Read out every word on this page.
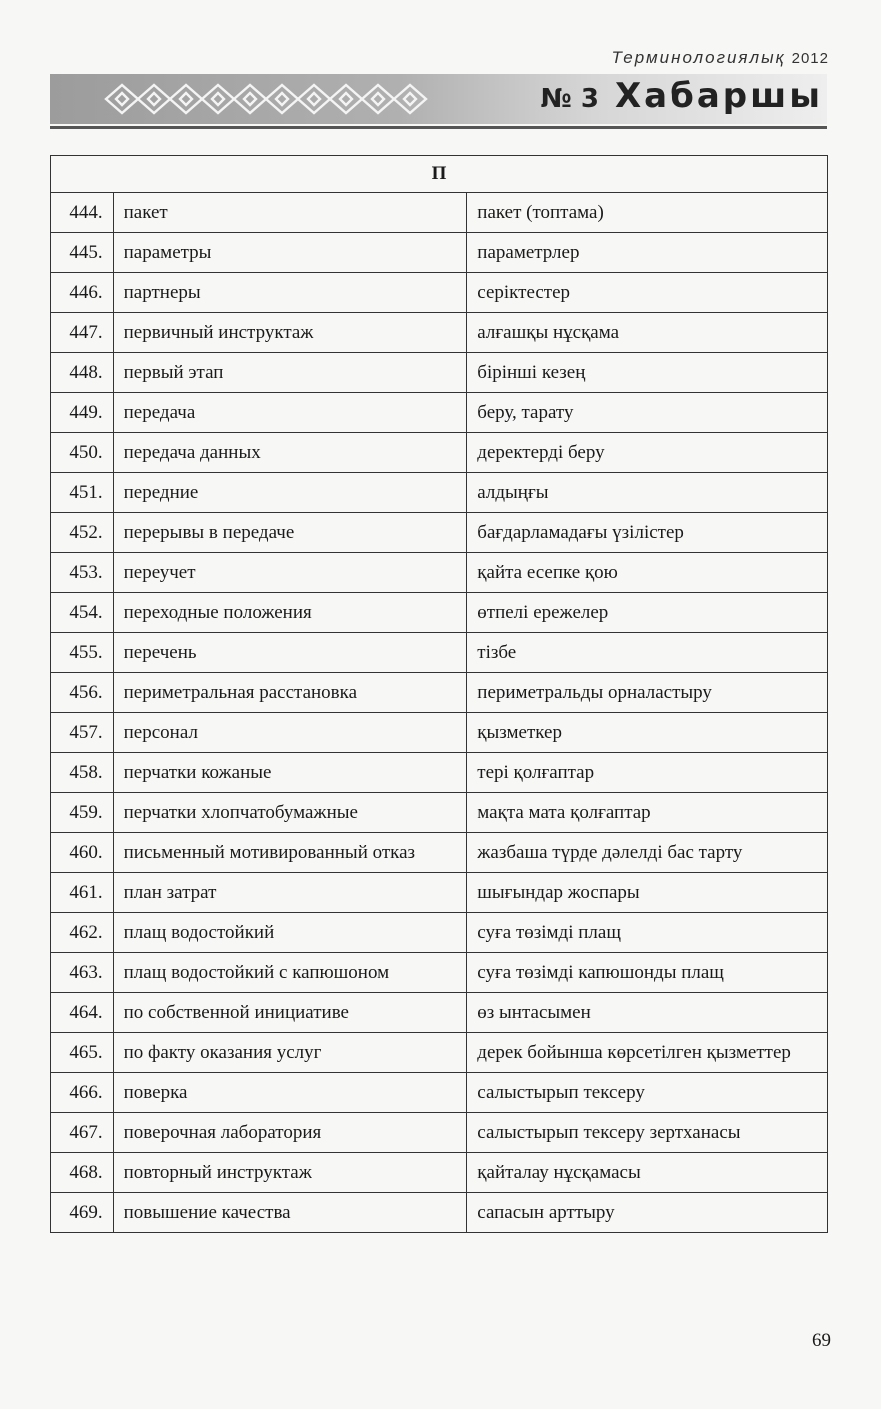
Терминологиялық 2012
№ 3 Хабаршы
П		
444.	пакет	пакет (топтама)
445.	параметры	параметрлер
446.	партнеры	серіктестер
447.	первичный инструктаж	алғашқы нұсқама
448.	первый этап	бірінші кезең
449.	передача	беру, тарату
450.	передача данных	деректерді беру
451.	передние	алдыңғы
452.	перерывы в передаче	бағдарламадағы үзілістер
453.	переучет	қайта есепке қою
454.	переходные положения	өтпелі ережелер
455.	перечень	тізбе
456.	периметральная расстановка	периметральды орналастыру
457.	персонал	қызметкер
458.	перчатки кожаные	тері қолғаптар
459.	перчатки хлопчатобумажные	мақта мата қолғаптар
460.	письменный мотивированный отказ	жазбаша түрде дәлелді бас тарту
461.	план затрат	шығындар жоспары
462.	плащ водостойкий	суға төзімді плащ
463.	плащ водостойкий с капюшоном	суға төзімді капюшонды плащ
464.	по собственной инициативе	өз ынтасымен
465.	по факту оказания услуг	дерек бойынша көрсетілген қызметтер
466.	поверка	салыстырып тексеру
467.	поверочная лаборатория	салыстырып тексеру зертханасы
468.	повторный инструктаж	қайталау нұсқамасы
469.	повышение качества	сапасын арттыру
69
